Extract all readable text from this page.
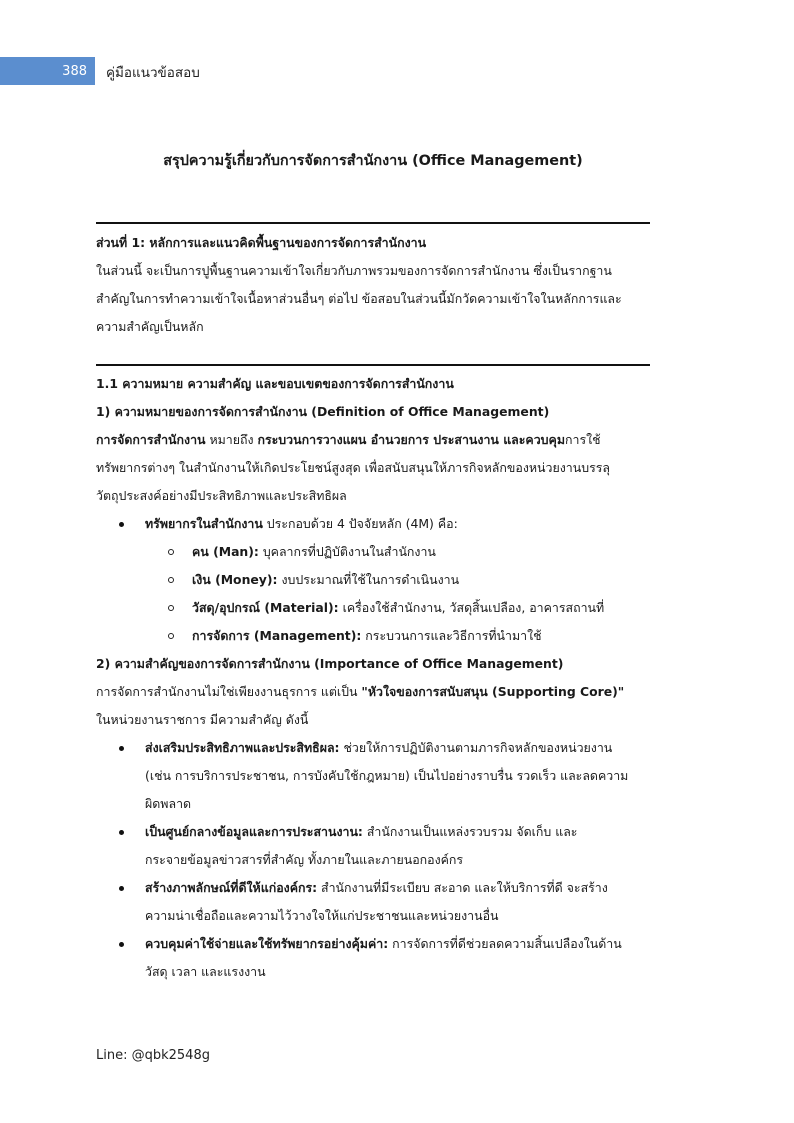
388 คู่มือแนวข้อสอบ
สรุปความรู้เกี่ยวกับการจัดการสำนักงาน (Office Management)
ส่วนที่ 1: หลักการและแนวคิดพื้นฐานของการจัดการสำนักงาน
ในส่วนนี้ จะเป็นการปูพื้นฐานความเข้าใจเกี่ยวกับภาพรวมของการจัดการสำนักงาน ซึ่งเป็นรากฐาน
สำคัญในการทำความเข้าใจเนื้อหาส่วนอื่นๆ ต่อไป ข้อสอบในส่วนนี้มักวัดความเข้าใจในหลักการและ
ความสำคัญเป็นหลัก
1.1 ความหมาย ความสำคัญ และขอบเขตของการจัดการสำนักงาน
1) ความหมายของการจัดการสำนักงาน (Definition of Office Management)
การจัดการสำนักงาน หมายถึง กระบวนการวางแผน อำนวยการ ประสานงาน และควบคุมการใช้
ทรัพยากรต่างๆ ในสำนักงานให้เกิดประโยชน์สูงสุด เพื่อสนับสนุนให้ภารกิจหลักของหน่วยงานบรรลุ
วัตถุประสงค์อย่างมีประสิทธิภาพและประสิทธิผล
ทรัพยากรในสำนักงาน ประกอบด้วย 4 ปัจจัยหลัก (4M) คือ:
คน (Man): บุคลากรที่ปฏิบัติงานในสำนักงาน
เงิน (Money): งบประมาณที่ใช้ในการดำเนินงาน
วัสดุ/อุปกรณ์ (Material): เครื่องใช้สำนักงาน, วัสดุสิ้นเปลือง, อาคารสถานที่
การจัดการ (Management): กระบวนการและวิธีการที่นำมาใช้
2) ความสำคัญของการจัดการสำนักงาน (Importance of Office Management)
การจัดการสำนักงานไม่ใช่เพียงงานธุรการ แต่เป็น "หัวใจของการสนับสนุน (Supporting Core)"
ในหน่วยงานราชการ มีความสำคัญ ดังนี้
ส่งเสริมประสิทธิภาพและประสิทธิผล: ช่วยให้การปฏิบัติงานตามภารกิจหลักของหน่วยงาน
(เช่น การบริการประชาชน, การบังคับใช้กฎหมาย) เป็นไปอย่างราบรื่น รวดเร็ว และลดความ
ผิดพลาด
เป็นศูนย์กลางข้อมูลและการประสานงาน: สำนักงานเป็นแหล่งรวบรวม จัดเก็บ และ
กระจายข้อมูลข่าวสารที่สำคัญ ทั้งภายในและภายนอกองค์กร
สร้างภาพลักษณ์ที่ดีให้แก่องค์กร: สำนักงานที่มีระเบียบ สะอาด และให้บริการที่ดี จะสร้าง
ความน่าเชื่อถือและความไว้วางใจให้แก่ประชาชนและหน่วยงานอื่น
ควบคุมค่าใช้จ่ายและใช้ทรัพยากรอย่างคุ้มค่า: การจัดการที่ดีช่วยลดความสิ้นเปลืองในด้าน
วัสดุ เวลา และแรงงาน
Line: @qbk2548g
